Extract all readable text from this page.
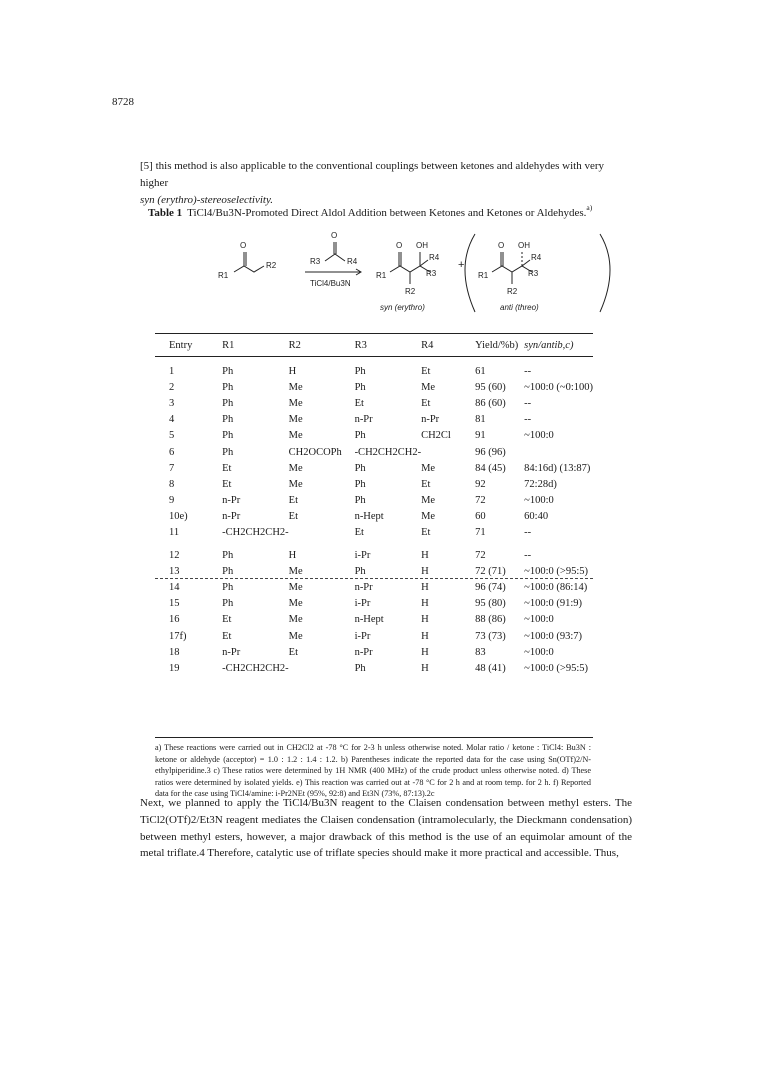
8728
[5] this method is also applicable to the conventional couplings between ketones and aldehydes with very higher
syn (erythro)-stereoselectivity.
Table 1 TiCl4/Bu3N-Promoted Direct Aldol Addition between Ketones and Ketones or Aldehydes.$^{a)}$
O
R1
R2
O
R3	R4
TiCl4/Bu3N
O OH
R1
R4
R3
R2
+
O OH
R1
R4
R3
R2
syn (erythro)	anti (threo)
Entry	R1	R2	R3	R4	Yield/%b)	syn/antib,c)
1	Ph	H	Ph	Et	61	--
2	Ph	Me	Ph	Me	95 (60)	~100:0 (~0:100)
3	Ph	Me	Et	Et	86 (60)	--
4	Ph	Me	n-Pr	n-Pr	81	--
5	Ph	Me	Ph	CH2Cl	91	~100:0
6	Ph	CH2OCOPh	-CH2CH2CH2-		96 (96)	
7	Et	Me	Ph	Me	84 (45)	84:16d) (13:87)
8	Et	Me	Ph	Et	92	72:28d)
9	n-Pr	Et	Ph	Me	72	~100:0
10e)	n-Pr	Et	n-Hept	Me	60	60:40
11	-CH2CH2CH2-		Et	Et	71	--
12	Ph	H	i-Pr	H	72	--
13	Ph	Me	Ph	H	72 (71)	~100:0 (>95:5)
14	Ph	Me	n-Pr	H	96 (74)	~100:0 (86:14)
15	Ph	Me	i-Pr	H	95 (80)	~100:0 (91:9)
16	Et	Me	n-Hept	H	88 (86)	~100:0
17f)	Et	Me	i-Pr	H	73 (73)	~100:0 (93:7)
18	n-Pr	Et	n-Pr	H	83	~100:0
19	-CH2CH2CH2-		Ph	H	48 (41)	~100:0 (>95:5)
a) These reactions were carried out in CH2Cl2 at -78 °C for 2-3 h unless otherwise noted. Molar ratio / ketone : TiCl4: Bu3N : ketone or aldehyde (acceptor) = 1.0 : 1.2 : 1.4 : 1.2. b) Parentheses indicate the reported data for the case using Sn(OTf)2/N-ethylpiperidine.3 c) These ratios were determined by 1H NMR (400 MHz) of the crude product unless otherwise noted. d) These ratios were determined by isolated yields. e) This reaction was carried out at -78 °C for 2 h and at room temp. for 2 h. f) Reported data for the case using TiCl4/amine: i-Pr2NEt (95%, 92:8) and Et3N (73%, 87:13).2c
Next, we planned to apply the TiCl4/Bu3N reagent to the Claisen condensation between methyl esters. The TiCl2(OTf)2/Et3N reagent mediates the Claisen condensation (intramolecularly, the Dieckmann condensation) between methyl esters, however, a major drawback of this method is the use of an equimolar amount of the metal triflate.4 Therefore, catalytic use of triflate species should make it more practical and accessible. Thus,
